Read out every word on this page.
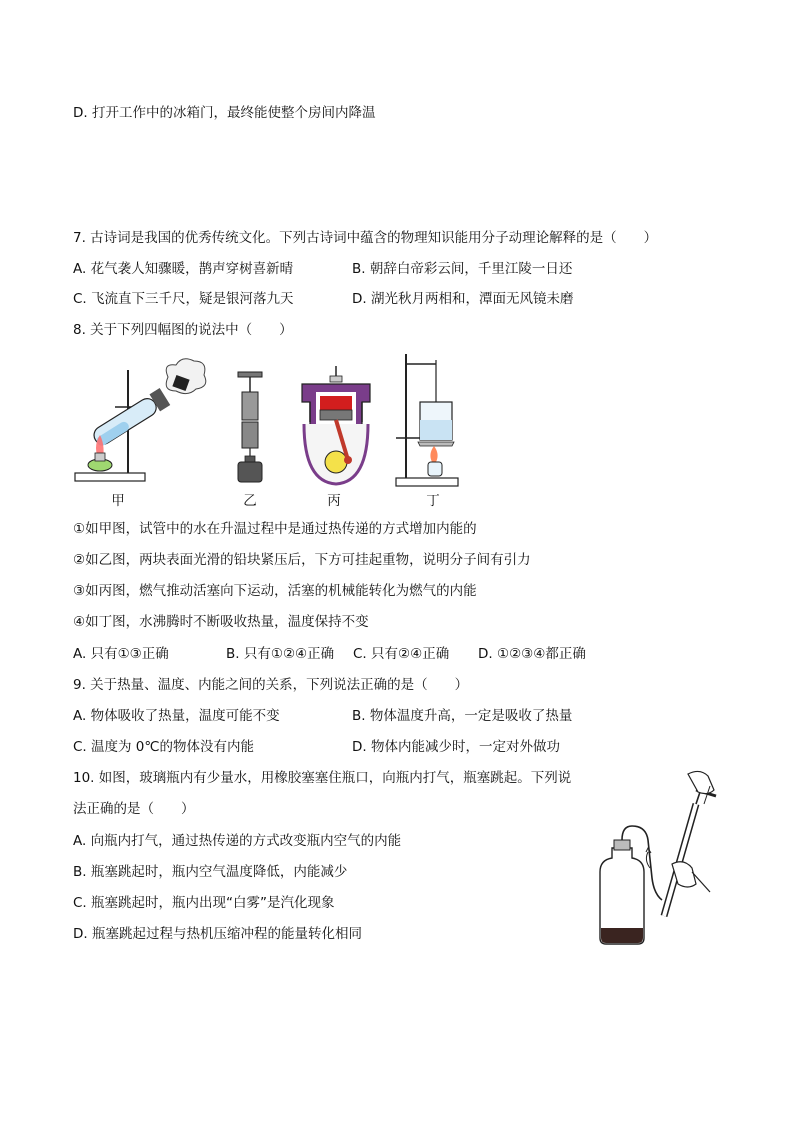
D. 打开工作中的冰箱门，最终能使整个房间内降温
7. 古诗词是我国的优秀传统文化。下列古诗词中蕴含的物理知识能用分子动理论解释的是（　　）
A. 花气袭人知骤暖，鹊声穿树喜新晴	B. 朝辞白帝彩云间，千里江陵一日还
C. 飞流直下三千尺，疑是银河落九天	D. 湖光秋月两相和，潭面无风镜未磨
8. 关于下列四幅图的说法中（　　）
甲	乙	丙	丁
①如甲图，试管中的水在升温过程中是通过热传递的方式增加内能的
②如乙图，两块表面光滑的铅块紧压后，下方可挂起重物，说明分子间有引力
③如丙图，燃气推动活塞向下运动，活塞的机械能转化为燃气的内能
④如丁图，水沸腾时不断吸收热量，温度保持不变
A. 只有①③正确	B. 只有①②④正确 C. 只有②④正确 D. ①②③④都正确
9. 关于热量、温度、内能之间的关系，下列说法正确的是（　　）
A. 物体吸收了热量，温度可能不变	B. 物体温度升高，一定是吸收了热量
C. 温度为 0℃的物体没有内能	D. 物体内能减少时，一定对外做功
10. 如图，玻璃瓶内有少量水，用橡胶塞塞住瓶口，向瓶内打气，瓶塞跳起。下列说
法正确的是（　　）
A. 向瓶内打气，通过热传递的方式改变瓶内空气的内能
B. 瓶塞跳起时，瓶内空气温度降低，内能减少
C. 瓶塞跳起时，瓶内出现“白雾”是汽化现象
D. 瓶塞跳起过程与热机压缩冲程的能量转化相同
